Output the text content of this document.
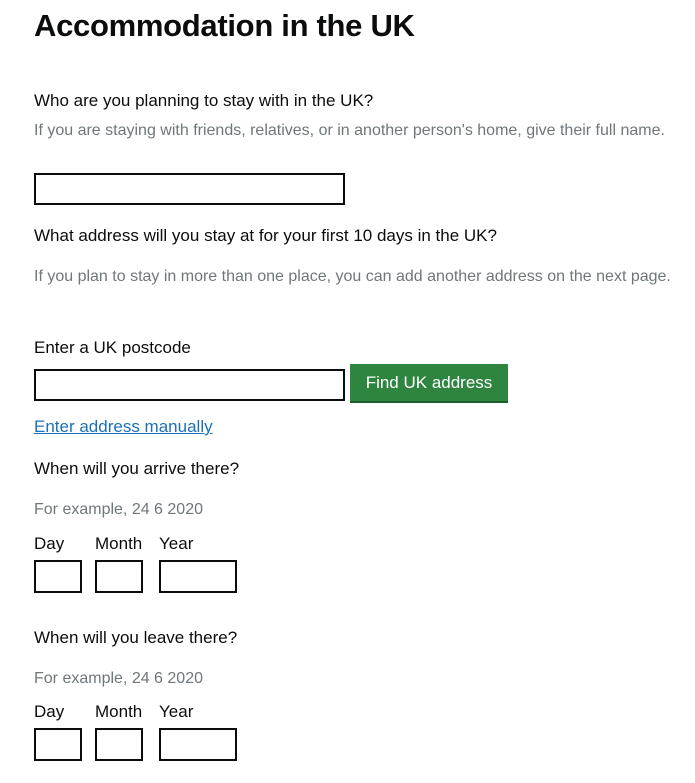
Accommodation in the UK
Who are you planning to stay with in the UK?
If you are staying with friends, relatives, or in another person's home, give their full name.
What address will you stay at for your first 10 days in the UK?
If you plan to stay in more than one place, you can add another address on the next page.
Enter a UK postcode
Find UK address
Enter address manually
When will you arrive there?
For example, 24 6 2020
Day Month Year
When will you leave there?
For example, 24 6 2020
Day Month Year
